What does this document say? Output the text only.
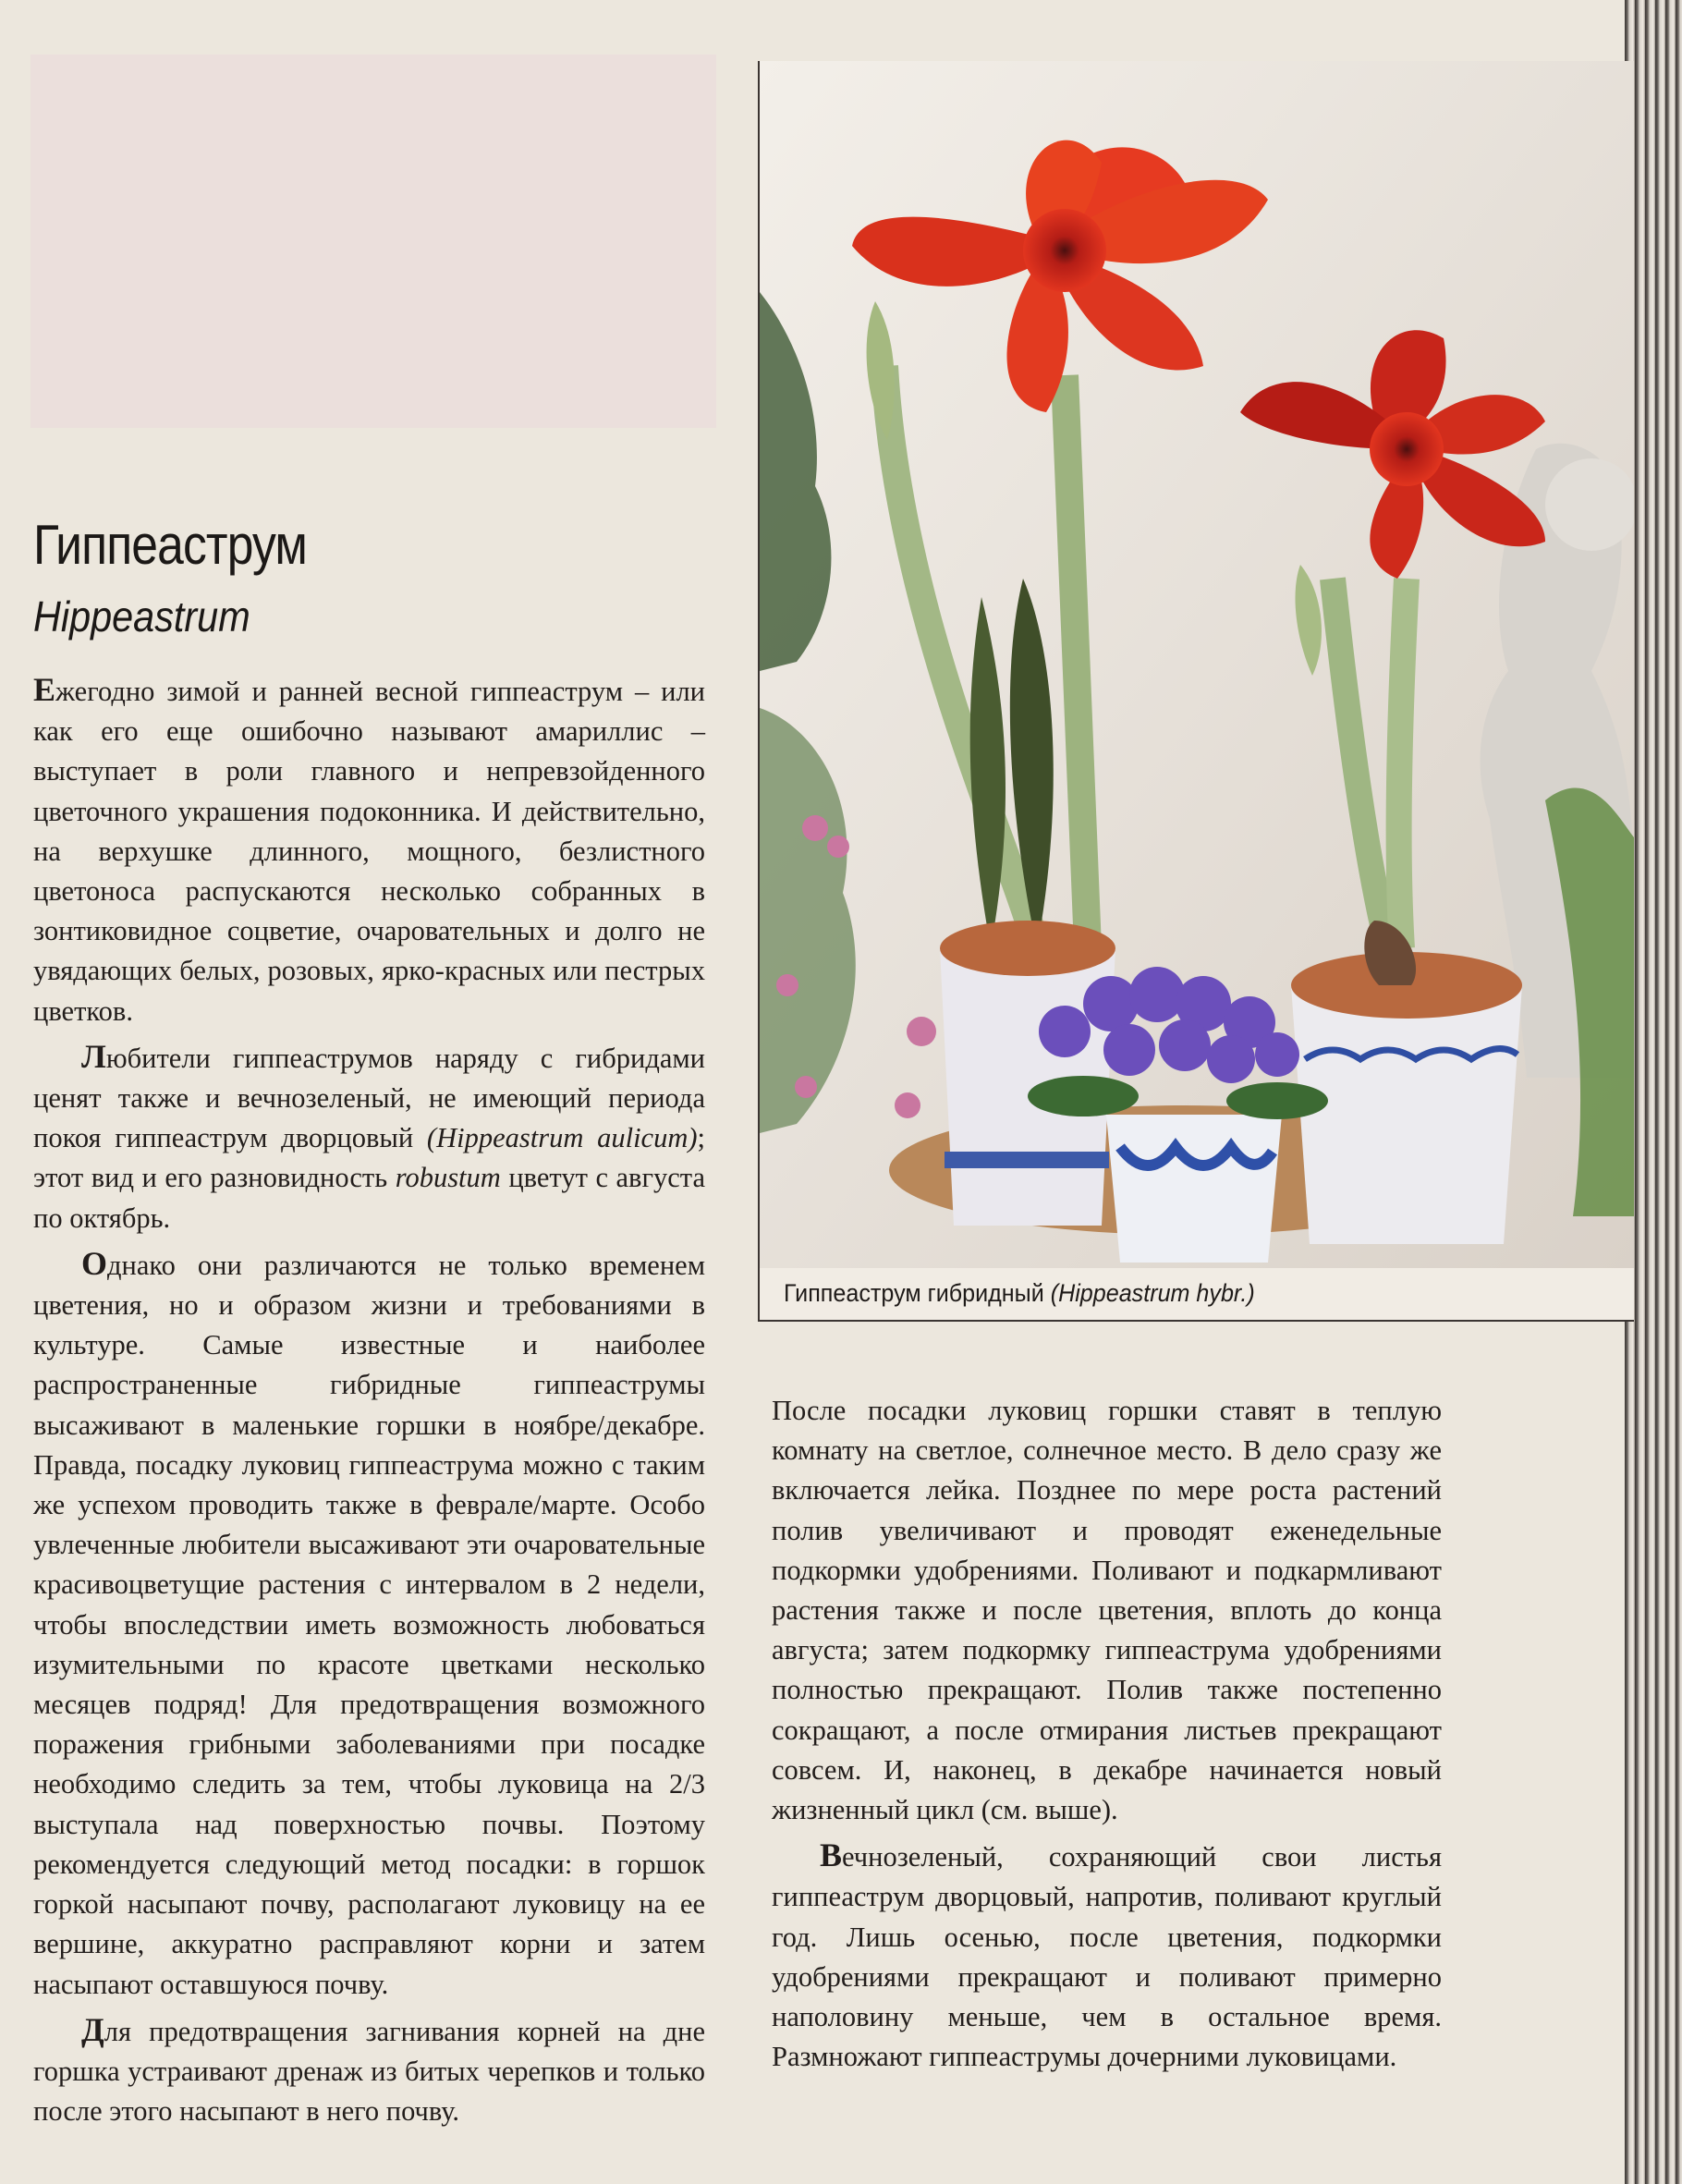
Гиппеаструм
Hippeastrum

Ежегодно зимой и ранней весной гиппеаструм – или как его еще ошибочно называют амариллис – выступает в роли главного и непревзойденного цветочного украшения подоконника. И действительно, на верхушке длинного, мощного, безлистного цветоноса распускаются несколько собранных в зонтиковидное соцветие, очаровательных и долго не увядающих белых, розовых, ярко-красных или пестрых цветков.

Любители гиппеаструмов наряду с гибридами ценят также и вечнозеленый, не имеющий периода покоя гиппеаструм дворцовый (Hippeastrum aulicum); этот вид и его разновидность robustum цветут с августа по октябрь.

Однако они различаются не только временем цветения, но и образом жизни и требованиями в культуре. Самые известные и наиболее распространенные гибридные гиппеаструмы высаживают в маленькие горшки в ноябре/декабре. Правда, посадку луковиц гиппеаструма можно с таким же успехом проводить также в феврале/марте. Особо увлеченные любители высаживают эти очаровательные красивоцветущие растения с интервалом в 2 недели, чтобы впоследствии иметь возможность любоваться изумительными по красоте цветками несколько месяцев подряд! Для предотвращения возможного поражения грибными заболеваниями при посадке необходимо следить за тем, чтобы луковица на 2/3 выступала над поверхностью почвы. Поэтому рекомендуется следующий метод посадки: в горшок горкой насыпают почву, располагают луковицу на ее вершине, аккуратно расправляют корни и затем насыпают оставшуюся почву.

Для предотвращения загнивания корней на дне горшка устраивают дренаж из битых черепков и только после этого насыпают в него почву.

Гиппеаструм гибридный (Hippeastrum hybr.)

После посадки луковиц горшки ставят в теплую комнату на светлое, солнечное место. В дело сразу же включается лейка. Позднее по мере роста растений полив увеличивают и проводят еженедельные подкормки удобрениями. Поливают и подкармливают растения также и после цветения, вплоть до конца августа; затем подкормку гиппеаструма удобрениями полностью прекращают. Полив также постепенно сокращают, а после отмирания листьев прекращают совсем. И, наконец, в декабре начинается новый жизненный цикл (см. выше).

Вечнозеленый, сохраняющий свои листья гиппеаструм дворцовый, напротив, поливают круглый год. Лишь осенью, после цветения, подкормки удобрениями прекращают и поливают примерно наполовину меньше, чем в остальное время. Размножают гиппеаструмы дочерними луковицами.
